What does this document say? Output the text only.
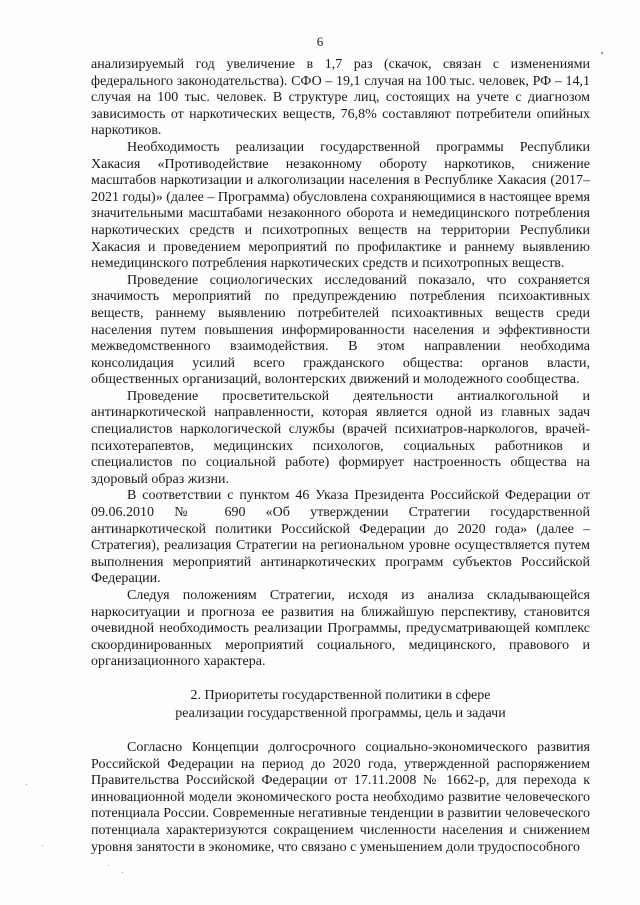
6

анализируемый год увеличение в 1,7 раз (скачок, связан с изменениями федерального законодательства). СФО – 19,1 случая на 100 тыс. человек, РФ – 14,1 случая на 100 тыс. человек. В структуре лиц, состоящих на учете с диагнозом зависимость от наркотических веществ, 76,8% составляют потребители опийных наркотиков.

Необходимость реализации государственной программы Республики Хакасия «Противодействие незаконному обороту наркотиков, снижение масштабов наркотизации и алкоголизации населения в Республике Хакасия (2017–2021 годы)» (далее – Программа) обусловлена сохраняющимися в настоящее время значительными масштабами незаконного оборота и немедицинского потребления наркотических средств и психотропных веществ на территории Республики Хакасия и проведением мероприятий по профилактике и раннему выявлению немедицинского потребления наркотических средств и психотропных веществ.

Проведение социологических исследований показало, что сохраняется значимость мероприятий по предупреждению потребления психоактивных веществ, раннему выявлению потребителей психоактивных веществ среди населения путем повышения информированности населения и эффективности межведомственного взаимодействия. В этом направлении необходима консолидация усилий всего гражданского общества: органов власти, общественных организаций, волонтерских движений и молодежного сообщества.

Проведение просветительской деятельности антиалкогольной и антинаркотической направленности, которая является одной из главных задач специалистов наркологической службы (врачей психиатров-наркологов, врачей-психотерапевтов, медицинских психологов, социальных работников и специалистов по социальной работе) формирует настроенность общества на здоровый образ жизни.

В соответствии с пунктом 46 Указа Президента Российской Федерации от 09.06.2010 № 690 «Об утверждении Стратегии государственной антинаркотической политики Российской Федерации до 2020 года» (далее – Стратегия), реализация Стратегии на региональном уровне осуществляется путем выполнения мероприятий антинаркотических программ субъектов Российской Федерации.

Следуя положениям Стратегии, исходя из анализа складывающейся наркоситуации и прогноза ее развития на ближайшую перспективу, становится очевидной необходимость реализации Программы, предусматривающей комплекс скоординированных мероприятий социального, медицинского, правового и организационного характера.

2. Приоритеты государственной политики в сфере
реализации государственной программы, цель и задачи

Согласно Концепции долгосрочного социально-экономического развития Российской Федерации на период до 2020 года, утвержденной распоряжением Правительства Российской Федерации от 17.11.2008 № 1662-р, для перехода к инновационной модели экономического роста необходимо развитие человеческого потенциала России. Современные негативные тенденции в развитии человеческого потенциала характеризуются сокращением численности населения и снижением уровня занятости в экономике, что связано с уменьшением доли трудоспособного
